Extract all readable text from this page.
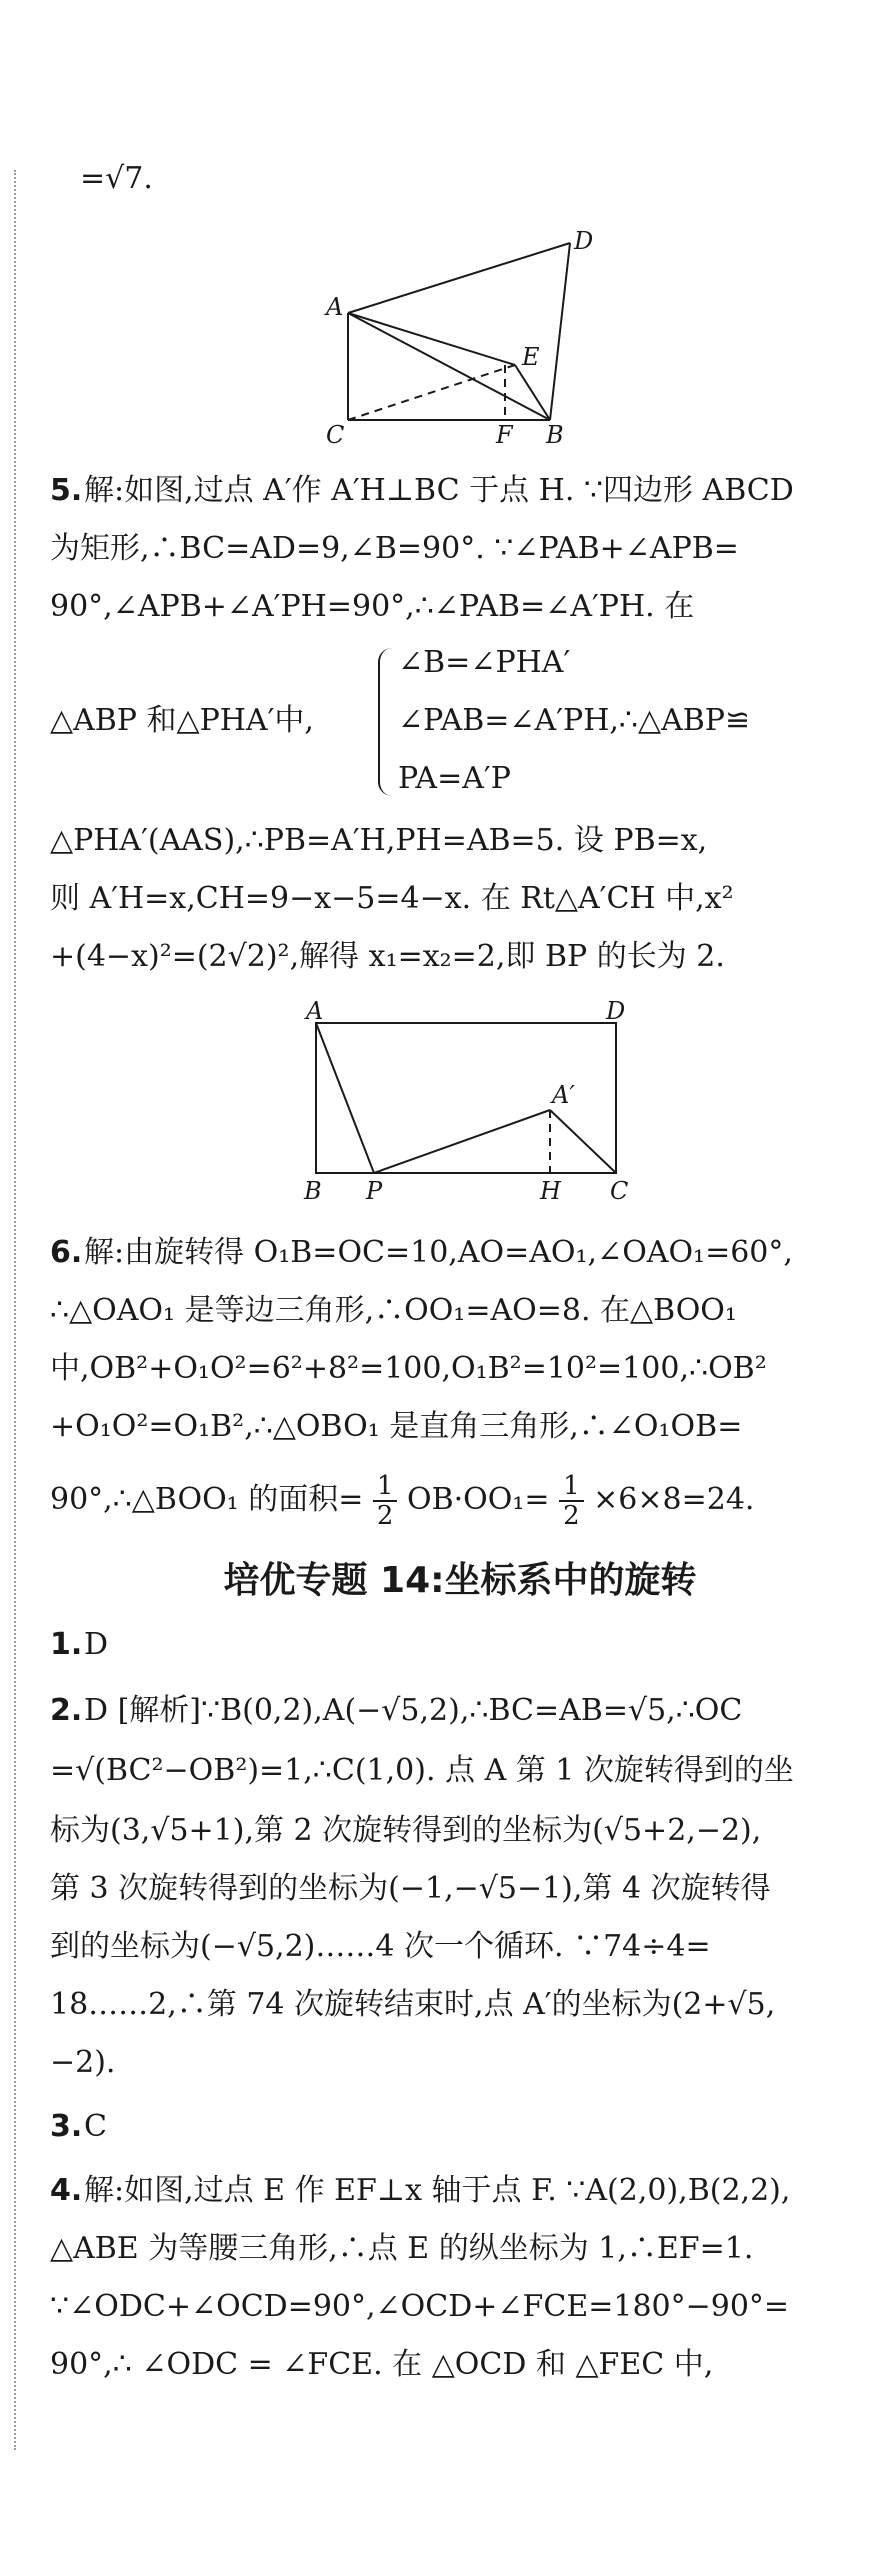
=√7.
A
C	F B
E
D
5. 解:如图,过点 A′作 A′H⊥BC 于点 H. ∵四边形 ABCD
为矩形,∴BC=AD=9,∠B=90°. ∵∠PAB+∠APB=
90°,∠APB+∠A′PH=90°,∴∠PAB=∠A′PH. 在
△ABP 和△PHA′中,
∠B=∠PHA′
∠PAB=∠A′PH,∴△ABP≌
PA=A′P
△PHA′(AAS),∴PB=A′H,PH=AB=5. 设 PB=x,
则 A′H=x,CH=9−x−5=4−x. 在 Rt△A′CH 中,x²
+(4−x)²=(2√2)²,解得 x₁=x₂=2,即 BP 的长为 2.
A	D
A′
B P	H C
6. 解:由旋转得 O₁B=OC=10,AO=AO₁,∠OAO₁=60°,
∴△OAO₁ 是等边三角形,∴OO₁=AO=8. 在△BOO₁
中,OB²+O₁O²=6²+8²=100,O₁B²=10²=100,∴OB²
+O₁O²=O₁B²,∴△OBO₁ 是直角三角形,∴∠O₁OB=
90°,∴△BOO₁ 的面积= $\frac{1}{2} OB\cdot OO_1= \frac{1}{2} \times 6\times 8=24$.
培优专题 14:坐标系中的旋转
1. D
2. D [解析]∵B(0,2),A(−√5,2),∴BC=AB=√5,∴OC
=√(BC²−OB²)=1,∴C(1,0). 点 A 第 1 次旋转得到的坐
标为(3,√5+1),第 2 次旋转得到的坐标为(√5+2,−2),
第 3 次旋转得到的坐标为(−1,−√5−1),第 4 次旋转得
到的坐标为(−√5,2)……4 次一个循环. ∵74÷4=
18……2,∴第 74 次旋转结束时,点 A′的坐标为(2+√5,
−2).
3. C
4. 解:如图,过点 E 作 EF⊥x 轴于点 F. ∵A(2,0),B(2,2),
△ABE 为等腰三角形,∴点 E 的纵坐标为 1,∴EF=1.
∵∠ODC+∠OCD=90°,∠OCD+∠FCE=180°−90°=
90°,∴ ∠ODC = ∠FCE. 在 △OCD 和 △FEC 中,
